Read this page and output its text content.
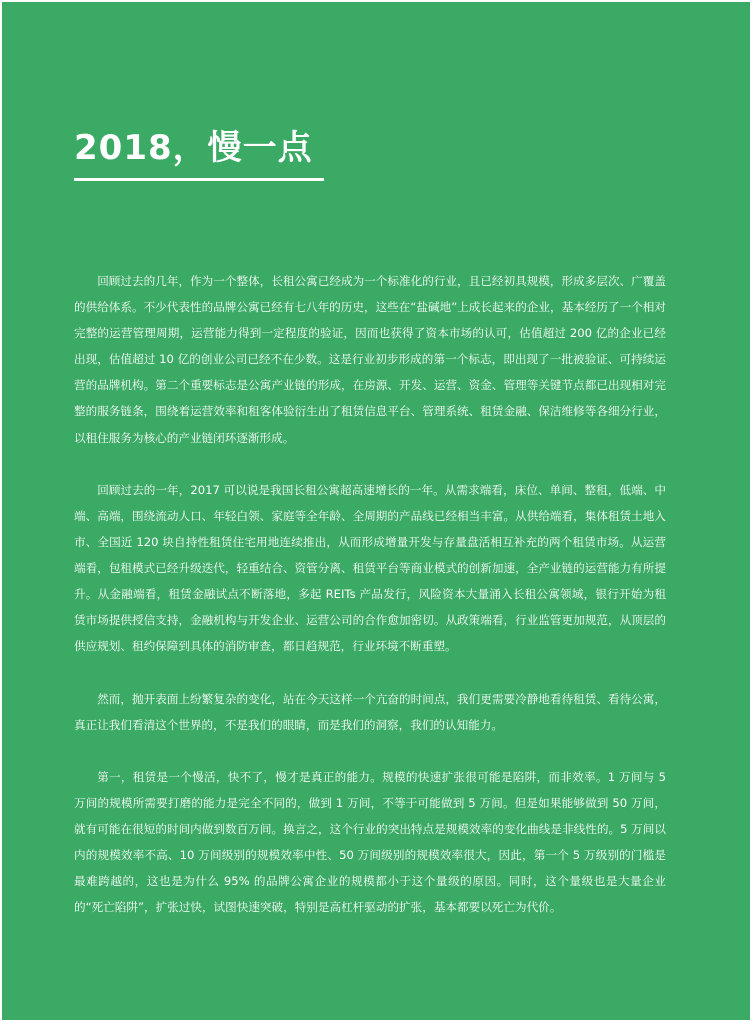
2018，慢一点

回顾过去的几年，作为一个整体，长租公寓已经成为一个标准化的行业，且已经初具规模，形成多层次、广覆盖的供给体系。不少代表性的品牌公寓已经有七八年的历史，这些在“盐碱地”上成长起来的企业，基本经历了一个相对完整的运营管理周期，运营能力得到一定程度的验证，因而也获得了资本市场的认可，估值超过 200 亿的企业已经出现，估值超过 10 亿的创业公司已经不在少数。这是行业初步形成的第一个标志，即出现了一批被验证、可持续运营的品牌机构。第二个重要标志是公寓产业链的形成，在房源、开发、运营、资金、管理等关键节点都已出现相对完整的服务链条，围绕着运营效率和租客体验衍生出了租赁信息平台、管理系统、租赁金融、保洁维修等各细分行业，以租住服务为核心的产业链闭环逐渐形成。

回顾过去的一年，2017 可以说是我国长租公寓超高速增长的一年。从需求端看，床位、单间、整租，低端、中端、高端，围绕流动人口、年轻白领、家庭等全年龄、全周期的产品线已经相当丰富。从供给端看，集体租赁土地入市、全国近 120 块自持性租赁住宅用地连续推出，从而形成增量开发与存量盘活相互补充的两个租赁市场。从运营端看，包租模式已经升级迭代，轻重结合、资管分离、租赁平台等商业模式的创新加速，全产业链的运营能力有所提升。从金融端看，租赁金融试点不断落地，多起 REITs 产品发行，风险资本大量涌入长租公寓领域，银行开始为租赁市场提供授信支持，金融机构与开发企业、运营公司的合作愈加密切。从政策端看，行业监管更加规范，从顶层的供应规划、租约保障到具体的消防审查，都日趋规范，行业环境不断重塑。

然而，抛开表面上纷繁复杂的变化，站在今天这样一个亢奋的时间点，我们更需要冷静地看待租赁、看待公寓，真正让我们看清这个世界的，不是我们的眼睛，而是我们的洞察，我们的认知能力。

第一，租赁是一个慢活，快不了，慢才是真正的能力。规模的快速扩张很可能是陷阱，而非效率。1 万间与 5 万间的规模所需要打磨的能力是完全不同的，做到 1 万间，不等于可能做到 5 万间。但是如果能够做到 50 万间，就有可能在很短的时间内做到数百万间。换言之，这个行业的突出特点是规模效率的变化曲线是非线性的。5 万间以内的规模效率不高、10 万间级别的规模效率中性、50 万间级别的规模效率很大，因此，第一个 5 万级别的门槛是最难跨越的，这也是为什么 95% 的品牌公寓企业的规模都小于这个量级的原因。同时，这个量级也是大量企业的“死亡陷阱”，扩张过快，试图快速突破，特别是高杠杆驱动的扩张，基本都要以死亡为代价。
